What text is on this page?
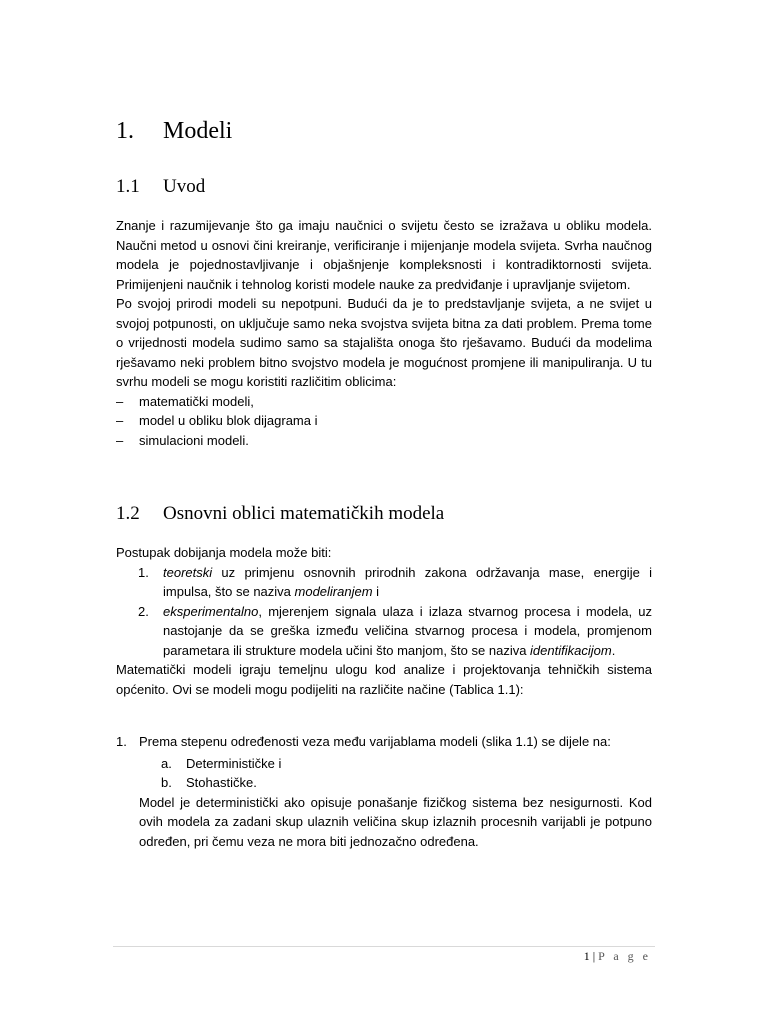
1. Modeli
1.1 Uvod

Znanje i razumijevanje što ga imaju naučnici o svijetu često se izražava u obliku modela. Naučni metod u osnovi čini kreiranje, verificiranje i mijenjanje modela svijeta. Svrha naučnog modela je pojednostavljivanje i objašnjenje kompleksnosti i kontradiktornosti svijeta. Primijenjeni naučnik i tehnolog koristi modele nauke za predviđanje i upravljanje svijetom.

Po svojoj prirodi modeli su nepotpuni. Budući da je to predstavljanje svijeta, a ne svijet u svojoj potpunosti, on uključuje samo neka svojstva svijeta bitna za dati problem. Prema tome o vrijednosti modela sudimo samo sa stajališta onoga što rješavamo. Budući da modelima rješavamo neki problem bitno svojstvo modela je mogućnost promjene ili manipuliranja. U tu svrhu modeli se mogu koristiti različitim oblicima:

– matematički modeli,
– model u obliku blok dijagrama i
– simulacioni modeli.
1.2 Osnovni oblici matematičkih modela

Postupak dobijanja modela može biti:

1. teoretski uz primjenu osnovnih prirodnih zakona održavanja mase, energije i impulsa, što se naziva modeliranjem i
2. eksperimentalno, mjerenjem signala ulaza i izlaza stvarnog procesa i modela, uz nastojanje da se greška između veličina stvarnog procesa i modela, promjenom parametara ili strukture modela učini što manjom, što se naziva identifikacijom.

Matematički modeli igraju temeljnu ulogu kod analize i projektovanja tehničkih sistema općenito. Ovi se modeli mogu podijeliti na različite načine (Tablica 1.1):

1. Prema stepenu određenosti veza među varijablama modeli (slika 1.1) se dijele na:
a. Determinističke i
b. Stohastičke.

Model je deterministički ako opisuje ponašanje fizičkog sistema bez nesigurnosti. Kod ovih modela za zadani skup ulaznih veličina skup izlaznih procesnih varijabli je potpuno određen, pri čemu veza ne mora biti jednozačno određena.

1 | P a g e
